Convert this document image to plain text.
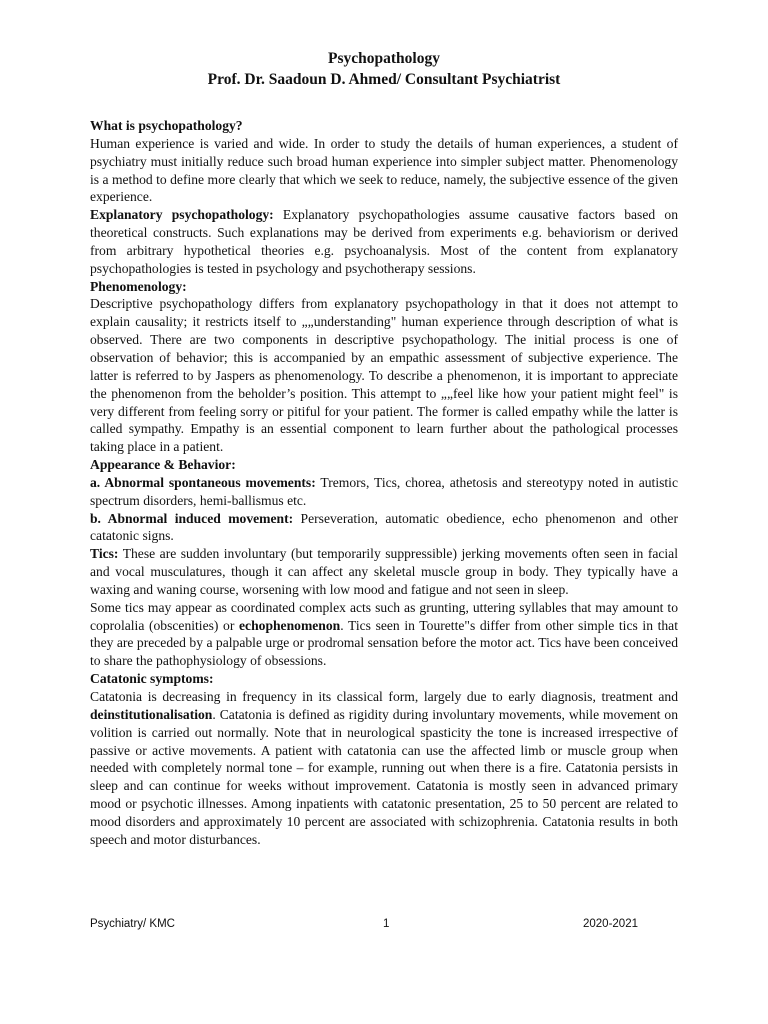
Psychopathology
Prof. Dr. Saadoun D. Ahmed/ Consultant Psychiatrist

What is psychopathology?

Human experience is varied and wide. In order to study the details of human experiences, a student of psychiatry must initially reduce such broad human experience into simpler subject matter. Phenomenology is a method to define more clearly that which we seek to reduce, namely, the subjective essence of the given experience.

Explanatory psychopathology: Explanatory psychopathologies assume causative factors based on theoretical constructs. Such explanations may be derived from experiments e.g. behaviorism or derived from arbitrary hypothetical theories e.g. psychoanalysis. Most of the content from explanatory psychopathologies is tested in psychology and psychotherapy sessions.

Phenomenology:

Descriptive psychopathology differs from explanatory psychopathology in that it does not attempt to explain causality; it restricts itself to „„understanding" human experience through description of what is observed. There are two components in descriptive psychopathology. The initial process is one of observation of behavior; this is accompanied by an empathic assessment of subjective experience. The latter is referred to by Jaspers as phenomenology. To describe a phenomenon, it is important to appreciate the phenomenon from the beholder’s position. This attempt to „„feel like how your patient might feel" is very different from feeling sorry or pitiful for your patient. The former is called empathy while the latter is called sympathy. Empathy is an essential component to learn further about the pathological processes taking place in a patient.

Appearance & Behavior:

a. Abnormal spontaneous movements: Tremors, Tics, chorea, athetosis and stereotypy noted in autistic spectrum disorders, hemi-ballismus etc.

b. Abnormal induced movement: Perseveration, automatic obedience, echo phenomenon and other catatonic signs.

Tics: These are sudden involuntary (but temporarily suppressible) jerking movements often seen in facial and vocal musculatures, though it can affect any skeletal muscle group in body. They typically have a waxing and waning course, worsening with low mood and fatigue and not seen in sleep.

Some tics may appear as coordinated complex acts such as grunting, uttering syllables that may amount to coprolalia (obscenities) or echophenomenon. Tics seen in Tourette"s differ from other simple tics in that they are preceded by a palpable urge or prodromal sensation before the motor act. Tics have been conceived to share the pathophysiology of obsessions.

Catatonic symptoms:

Catatonia is decreasing in frequency in its classical form, largely due to early diagnosis, treatment and deinstitutionalisation. Catatonia is defined as rigidity during involuntary movements, while movement on volition is carried out normally. Note that in neurological spasticity the tone is increased irrespective of passive or active movements. A patient with catatonia can use the affected limb or muscle group when needed with completely normal tone – for example, running out when there is a fire. Catatonia persists in sleep and can continue for weeks without improvement. Catatonia is mostly seen in advanced primary mood or psychotic illnesses. Among inpatients with catatonic presentation, 25 to 50 percent are related to mood disorders and approximately 10 percent are associated with schizophrenia. Catatonia results in both speech and motor disturbances.

Psychiatry/ KMC	1	2020-2021
